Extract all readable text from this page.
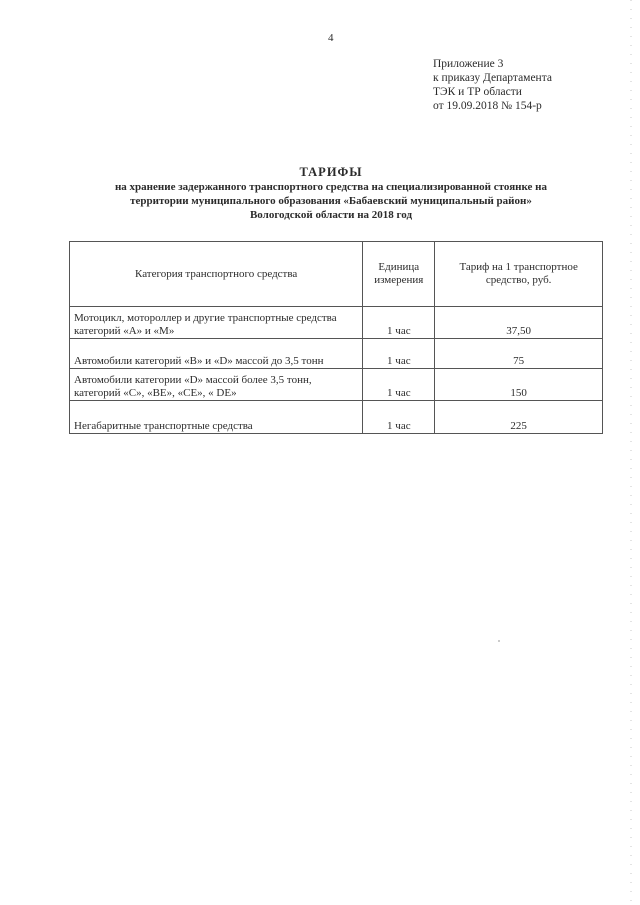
4
Приложение 3
к приказу Департамента
ТЭК и ТР области
от 19.09.2018 № 154-р
ТАРИФЫ
на хранение задержанного транспортного средства на специализированной стоянке на
территории муниципального образования «Бабаевский муниципальный район»
Вологодской области на 2018 год
Категория транспортного средства	Единица измерения	Тариф на 1 транспортное средство, руб.
Мотоцикл, мотороллер и другие транспортные средства категорий «А» и «М»	1 час	37,50
Автомобили категорий «В» и «D» массой до 3,5 тонн	1 час	75
Автомобили категории «D» массой более 3,5 тонн, категорий «С», «ВЕ», «СЕ», « DE»	1 час	150
Негабаритные транспортные средства	1 час	225
